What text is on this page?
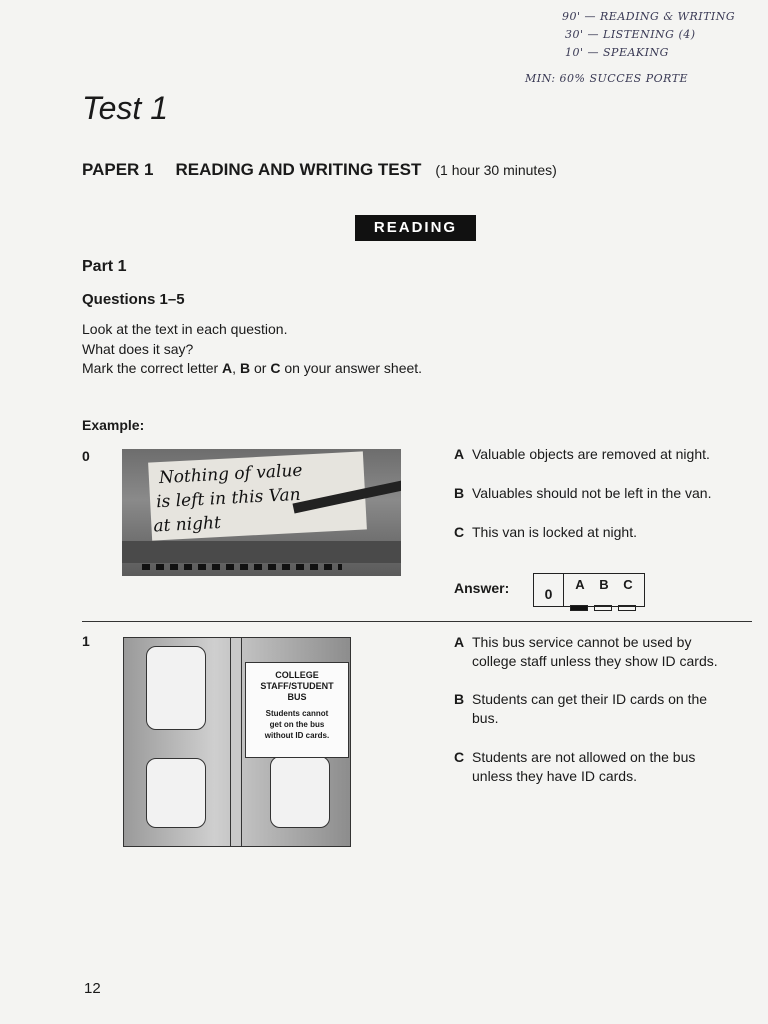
90' — READING & WRITING
30' — LISTENING (4)
10' — SPEAKING
MIN: 60% SUCCES PORTE
Test 1
PAPER 1 READING AND WRITING TEST (1 hour 30 minutes)
READING
Part 1
Questions 1–5
Look at the text in each question.
What does it say?
Mark the correct letter A, B or C on your answer sheet.
Example:
0
Nothing of value
is left in this Van
at night
A Valuable objects are removed at night.
B Valuables should not be left in the van.
C This van is locked at night.
Answer:	0
A B C
1
COLLEGE
STAFF/STUDENT
BUS
Students cannot
get on the bus
without ID cards.
A This bus service cannot be used by
college staff unless they show ID cards.
B Students can get their ID cards on the
bus.
C Students are not allowed on the bus
unless they have ID cards.
12
